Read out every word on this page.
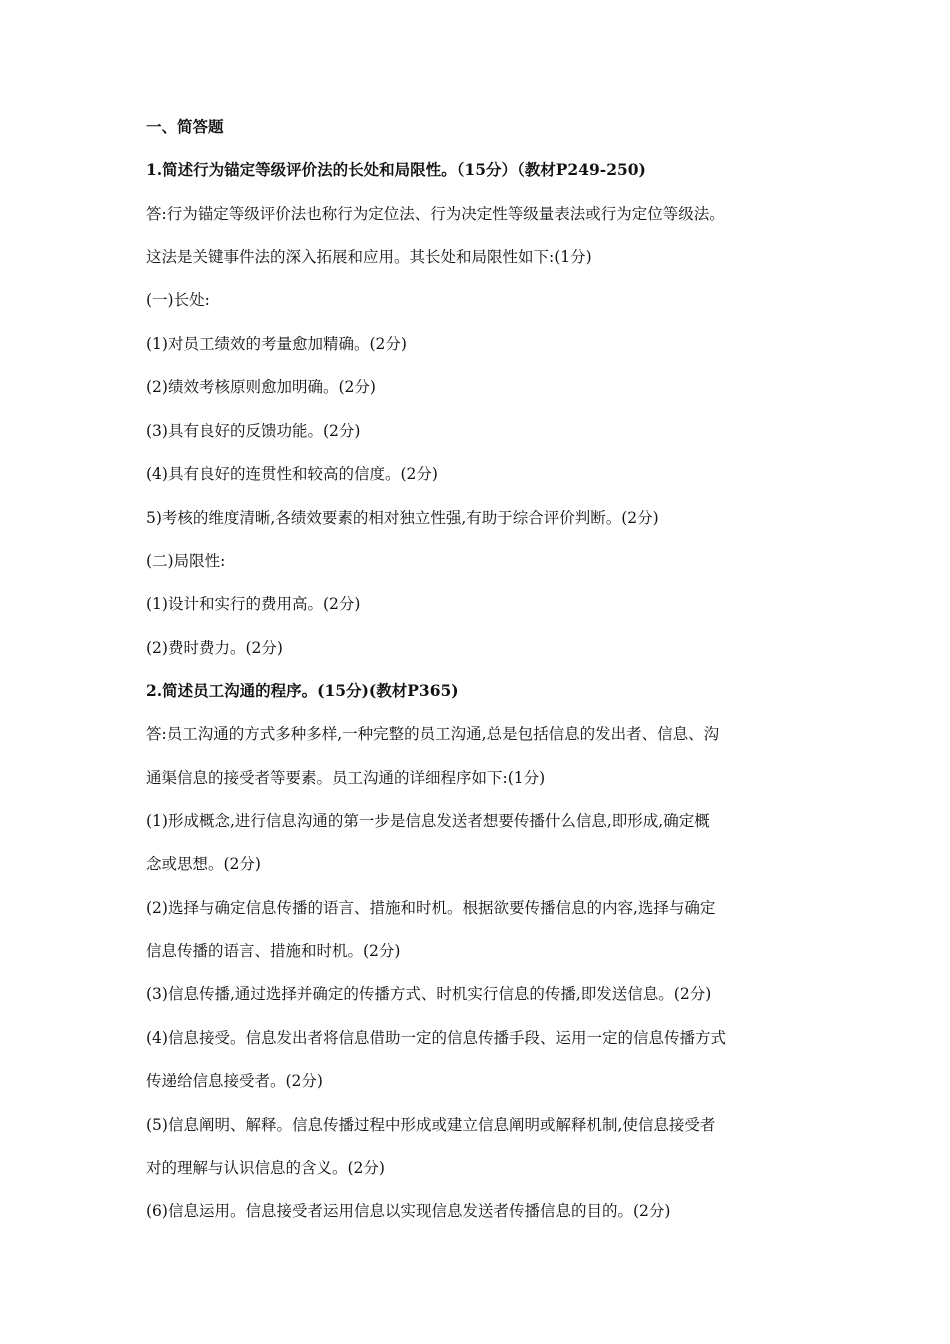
一、简答题
1.简述行为锚定等级评价法的长处和局限性。（15分）（教材P249-250)
答:行为锚定等级评价法也称行为定位法、行为决定性等级量表法或行为定位等级法。
这法是关键事件法的深入拓展和应用。其长处和局限性如下:(1分)
(一)长处:
(1)对员工绩效的考量愈加精确。(2分)
(2)绩效考核原则愈加明确。(2分)
(3)具有良好的反馈功能。(2分)
(4)具有良好的连贯性和较高的信度。(2分)
5)考核的维度清晰,各绩效要素的相对独立性强,有助于综合评价判断。(2分)
(二)局限性:
(1)设计和实行的费用高。(2分)
(2)费时费力。(2分)
2.简述员工沟通的程序。(15分)(教材P365)
答:员工沟通的方式多种多样,一种完整的员工沟通,总是包括信息的发出者、信息、沟
通渠信息的接受者等要素。员工沟通的详细程序如下:(1分)
(1)形成概念,进行信息沟通的第一步是信息发送者想要传播什么信息,即形成,确定概
念或思想。(2分)
(2)选择与确定信息传播的语言、措施和时机。根据欲要传播信息的内容,选择与确定
信息传播的语言、措施和时机。(2分)
(3)信息传播,通过选择并确定的传播方式、时机实行信息的传播,即发送信息。(2分)
(4)信息接受。信息发出者将信息借助一定的信息传播手段、运用一定的信息传播方式
传递给信息接受者。(2分)
(5)信息阐明、解释。信息传播过程中形成或建立信息阐明或解释机制,使信息接受者
对的理解与认识信息的含义。(2分)
(6)信息运用。信息接受者运用信息以实现信息发送者传播信息的目的。(2分)
